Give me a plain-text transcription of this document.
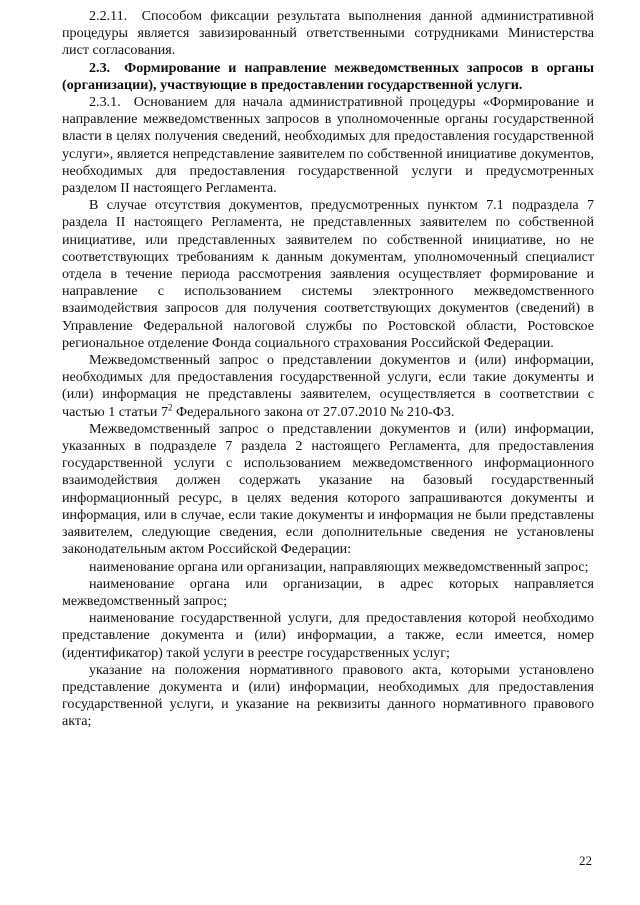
2.2.11. Способом фиксации результата выполнения данной административной процедуры является завизированный ответственными сотрудниками Министерства лист согласования.

2.3. Формирование и направление межведомственных запросов в органы (организации), участвующие в предоставлении государственной услуги.

2.3.1. Основанием для начала административной процедуры «Формирование и направление межведомственных запросов в уполномоченные органы государственной власти в целях получения сведений, необходимых для предоставления государственной услуги», является непредставление заявителем по собственной инициативе документов, необходимых для предоставления государственной услуги и предусмотренных разделом II настоящего Регламента.

В случае отсутствия документов, предусмотренных пунктом 7.1 подраздела 7 раздела II настоящего Регламента, не представленных заявителем по собственной инициативе, или представленных заявителем по собственной инициативе, но не соответствующих требованиям к данным документам, уполномоченный специалист отдела в течение периода рассмотрения заявления осуществляет формирование и направление с использованием системы электронного межведомственного взаимодействия запросов для получения соответствующих документов (сведений) в Управление Федеральной налоговой службы по Ростовской области, Ростовское региональное отделение Фонда социального страхования Российской Федерации.

Межведомственный запрос о представлении документов и (или) информации, необходимых для предоставления государственной услуги, если такие документы и (или) информация не представлены заявителем, осуществляется в соответствии с частью 1 статьи $7^2$ Федерального закона от 27.07.2010 № 210-ФЗ.

Межведомственный запрос о представлении документов и (или) информации, указанных в подразделе 7 раздела 2 настоящего Регламента, для предоставления государственной услуги с использованием межведомственного информационного взаимодействия должен содержать указание на базовый государственный информационный ресурс, в целях ведения которого запрашиваются документы и информация, или в случае, если такие документы и информация не были представлены заявителем, следующие сведения, если дополнительные сведения не установлены законодательным актом Российской Федерации:

наименование органа или организации, направляющих межведомственный запрос;

наименование органа или организации, в адрес которых направляется межведомственный запрос;

наименование государственной услуги, для предоставления которой необходимо представление документа и (или) информации, а также, если имеется, номер (идентификатор) такой услуги в реестре государственных услуг;

указание на положения нормативного правового акта, которыми установлено представление документа и (или) информации, необходимых для предоставления государственной услуги, и указание на реквизиты данного нормативного правового акта;

22
